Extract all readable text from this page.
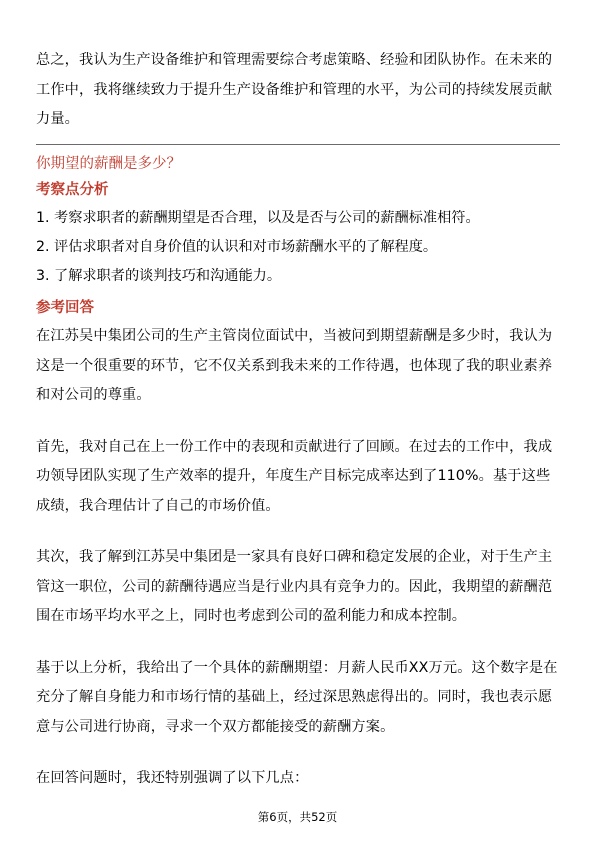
总之，我认为生产设备维护和管理需要综合考虑策略、经验和团队协作。在未来的工作中，我将继续致力于提升生产设备维护和管理的水平，为公司的持续发展贡献力量。

你期望的薪酬是多少？

考察点分析

1. 考察求职者的薪酬期望是否合理，以及是否与公司的薪酬标准相符。
2. 评估求职者对自身价值的认识和对市场薪酬水平的了解程度。
3. 了解求职者的谈判技巧和沟通能力。

参考回答

在江苏吴中集团公司的生产主管岗位面试中，当被问到期望薪酬是多少时，我认为这是一个很重要的环节，它不仅关系到我未来的工作待遇，也体现了我的职业素养和对公司的尊重。

首先，我对自己在上一份工作中的表现和贡献进行了回顾。在过去的工作中，我成功领导团队实现了生产效率的提升，年度生产目标完成率达到了110%。基于这些成绩，我合理估计了自己的市场价值。

其次，我了解到江苏吴中集团是一家具有良好口碑和稳定发展的企业，对于生产主管这一职位，公司的薪酬待遇应当是行业内具有竞争力的。因此，我期望的薪酬范围在市场平均水平之上，同时也考虑到公司的盈利能力和成本控制。

基于以上分析，我给出了一个具体的薪酬期望：月薪人民币XX万元。这个数字是在充分了解自身能力和市场行情的基础上，经过深思熟虑得出的。同时，我也表示愿意与公司进行协商，寻求一个双方都能接受的薪酬方案。

在回答问题时，我还特别强调了以下几点：

第6页，共52页
